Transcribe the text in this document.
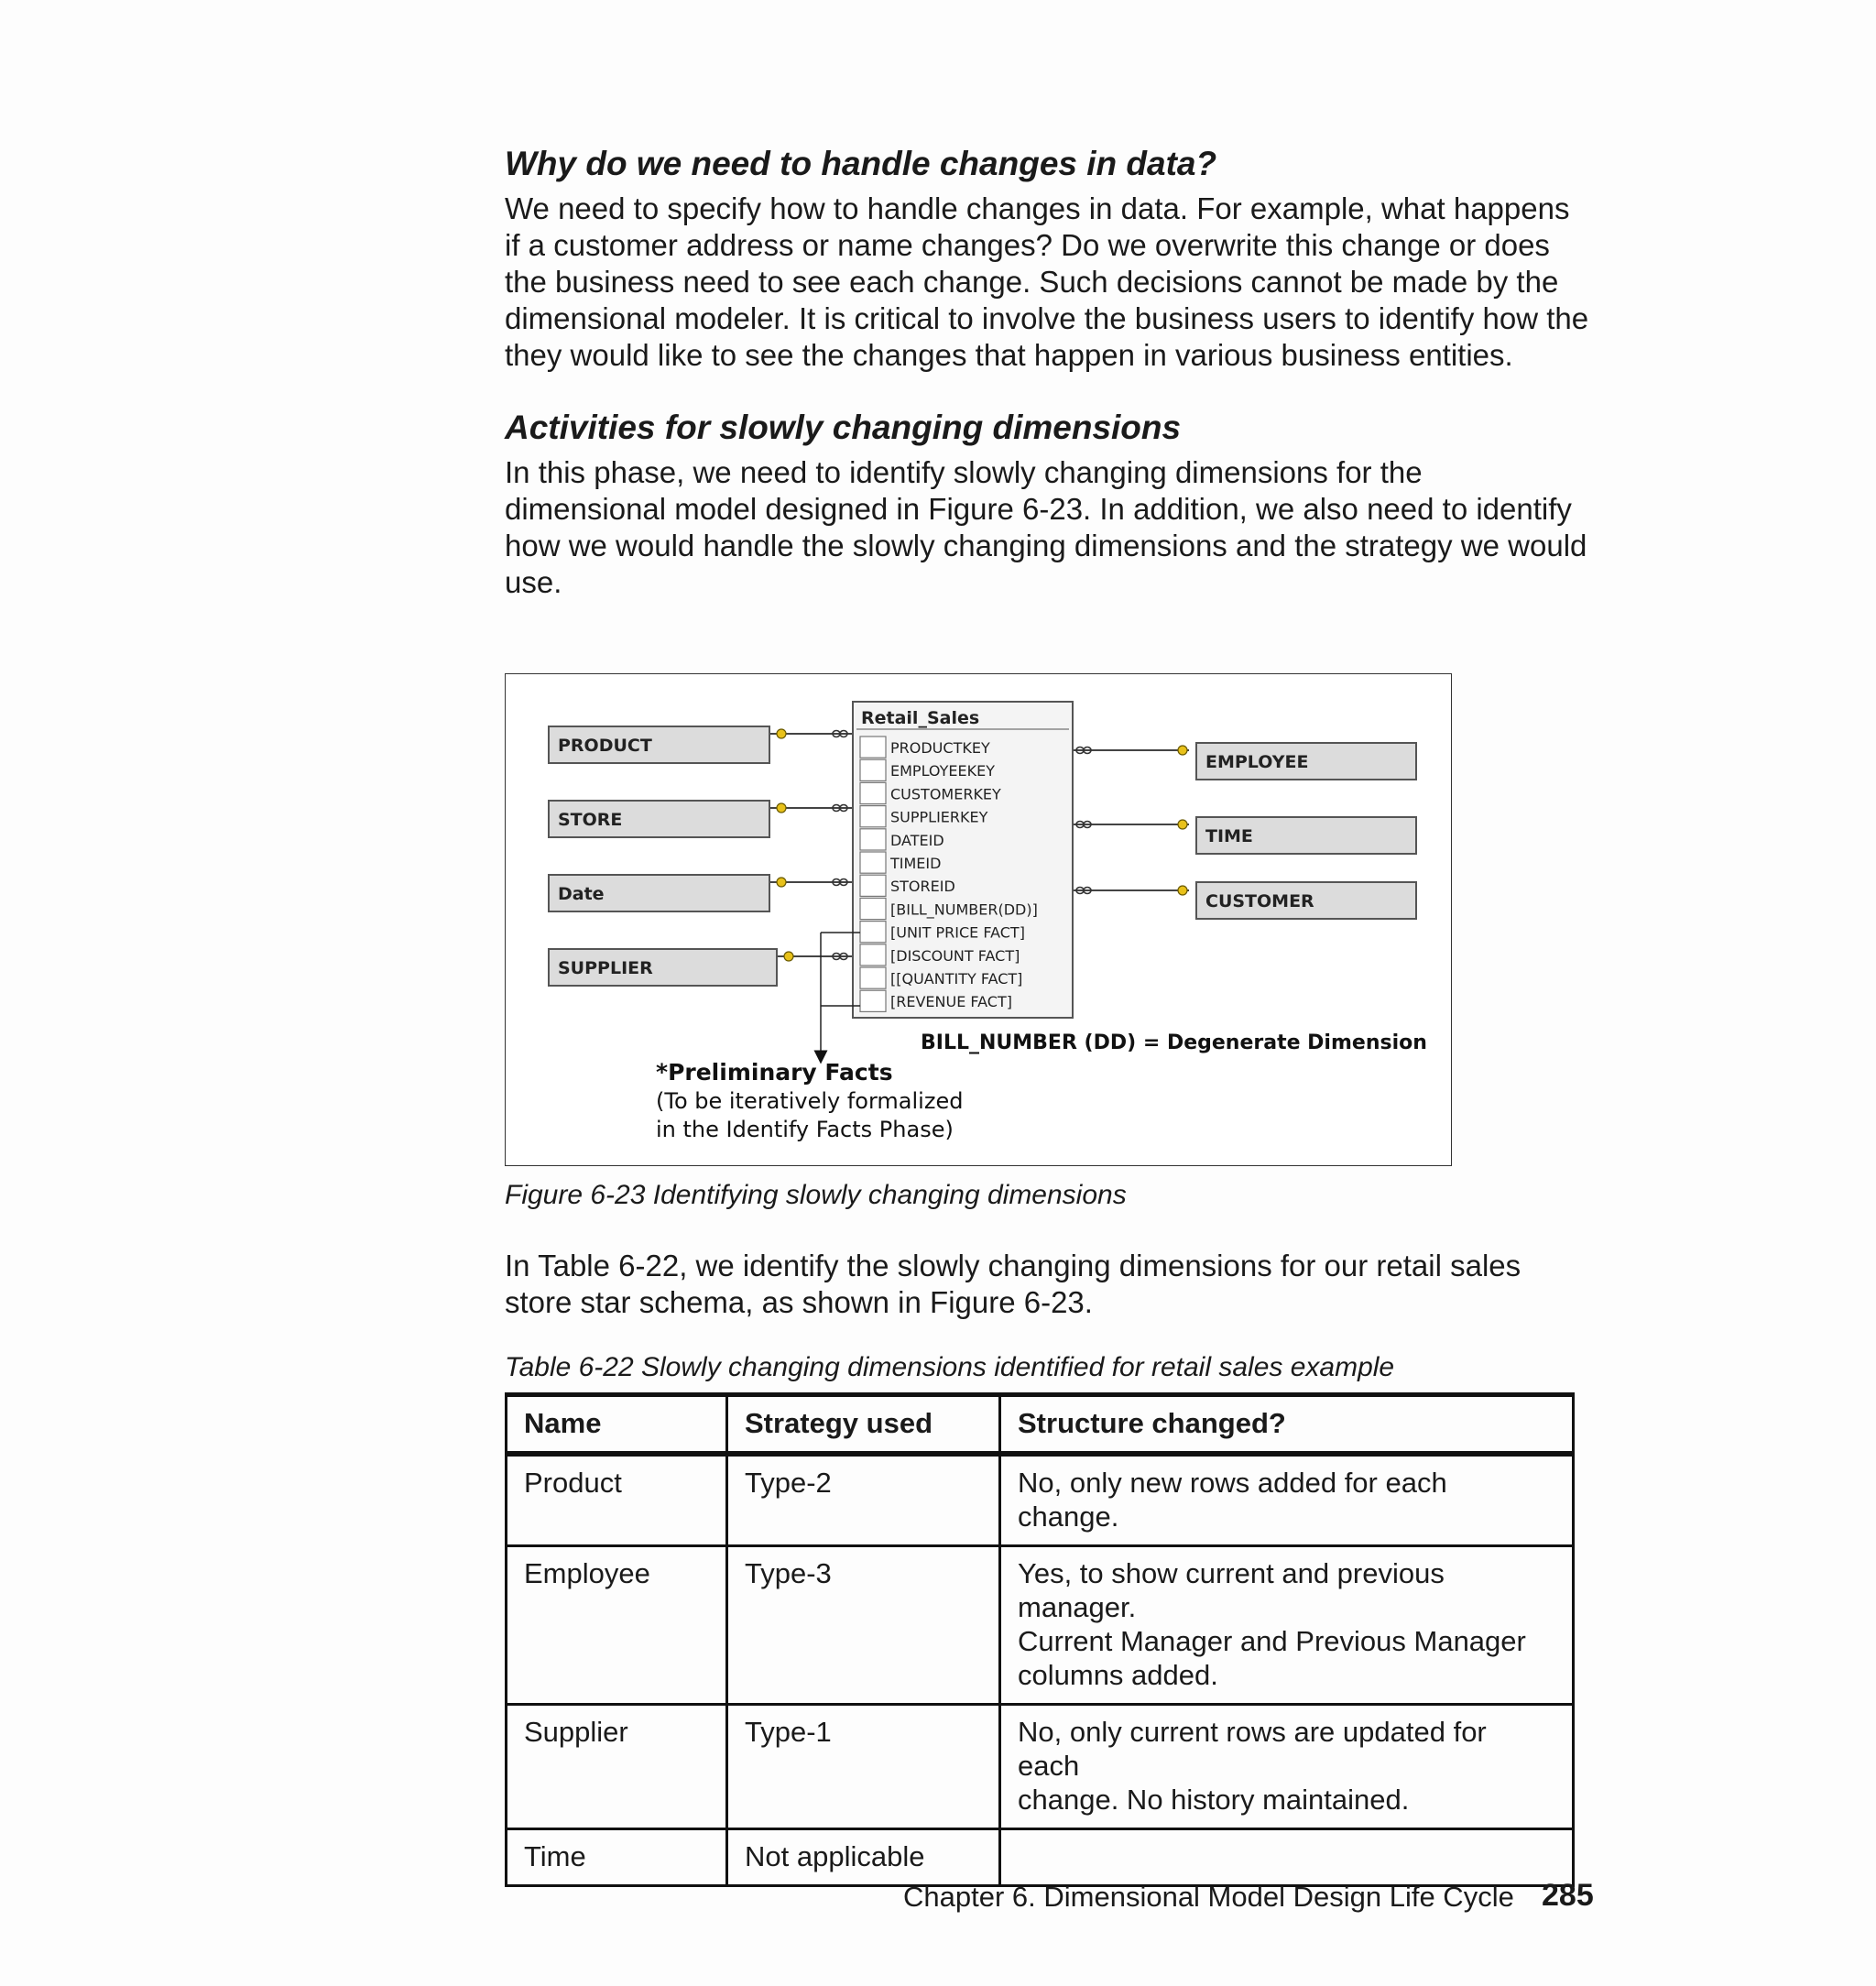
Why do we need to handle changes in data?
We need to specify how to handle changes in data. For example, what happens
if a customer address or name changes? Do we overwrite this change or does
the business need to see each change. Such decisions cannot be made by the
dimensional modeler. It is critical to involve the business users to identify how the
they would like to see the changes that happen in various business entities.
Activities for slowly changing dimensions
In this phase, we need to identify slowly changing dimensions for the
dimensional model designed in Figure 6-23. In addition, we also need to identify
how we would handle the slowly changing dimensions and the strategy we would
use.
PRODUCT
STORE
Date
SUPPLIER
EMPLOYEE
TIME
CUSTOMER
Retail_Sales
PRODUCTKEY
EMPLOYEEKEY
CUSTOMERKEY
SUPPLIERKEY
DATEID
TIMEID
STOREID
[BILL_NUMBER(DD)]
[UNIT PRICE FACT]
[DISCOUNT FACT]
[[QUANTITY FACT]
[REVENUE FACT]
BILL_NUMBER (DD) = Degenerate Dimension
*Preliminary Facts
(To be iteratively formalized
in the Identify Facts Phase)
Figure 6-23 Identifying slowly changing dimensions
In Table 6-22, we identify the slowly changing dimensions for our retail sales
store star schema, as shown in Figure 6-23.
Table 6-22 Slowly changing dimensions identified for retail sales example
Name	Strategy used	Structure changed?
Product	Type-2	No, only new rows added for each change.

Employee	Type-3	Yes, to show current and previous manager.
Current Manager and Previous Manager
columns added.

Supplier	Type-1	No, only current rows are updated for each
change. No history maintained.

Time	Not applicable	
Chapter 6. Dimensional Model Design Life Cycle 285
